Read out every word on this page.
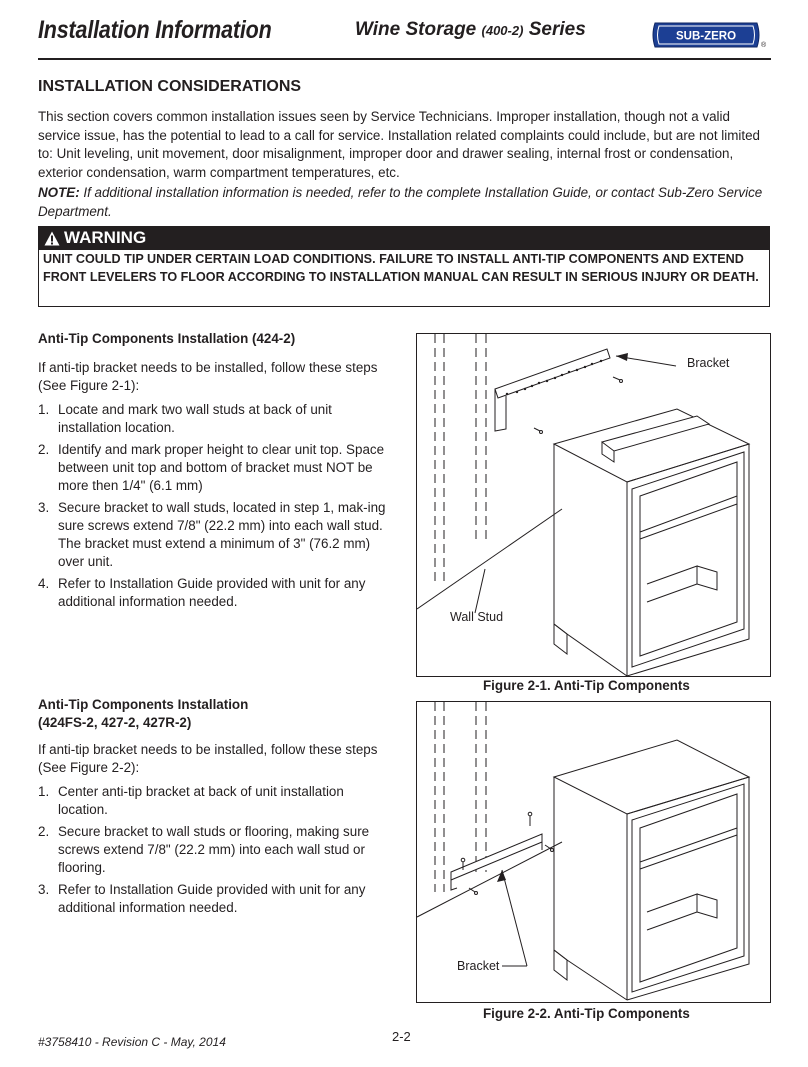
Installation Information	Wine Storage (400-2) Series	SUB-ZERO
®
INSTALLATION CONSIDERATIONS
This section covers common installation issues seen by Service Technicians. Improper installation, though not a valid service issue, has the potential to lead to a call for service. Installation related complaints could include, but are not limited to: Unit leveling, unit movement, door misalignment, improper door and drawer sealing, internal frost or condensation, exterior condensation, warm compartment temperatures, etc.
NOTE: If additional installation information is needed, refer to the complete Installation Guide, or contact Sub-Zero Service Department.
WARNING
UNIT COULD TIP UNDER CERTAIN LOAD CONDITIONS. FAILURE TO INSTALL ANTI-TIP COMPONENTS AND EXTEND FRONT LEVELERS TO FLOOR ACCORDING TO INSTALLATION MANUAL CAN RESULT IN SERIOUS INJURY OR DEATH.
Anti-Tip Components Installation (424-2)
If anti-tip bracket needs to be installed, follow these steps (See Figure 2-1):
1. Locate and mark two wall studs at back of unit installation location.
2. Identify and mark proper height to clear unit top. Space between unit top and bottom of bracket must NOT be more then 1/4" (6.1 mm)
3. Secure bracket to wall studs, located in step 1, mak-ing sure screws extend 7/8" (22.2 mm) into each wall stud. The bracket must extend a minimum of 3" (76.2 mm) over unit.
4. Refer to Installation Guide provided with unit for any additional information needed.
Anti-Tip Components Installation
(424FS-2, 427-2, 427R-2)
If anti-tip bracket needs to be installed, follow these steps (See Figure 2-2):
1. Center anti-tip bracket at back of unit installation location.
2. Secure bracket to wall studs or flooring, making sure screws extend 7/8" (22.2 mm) into each wall stud or flooring.
3. Refer to Installation Guide provided with unit for any additional information needed.
Bracket
Wall Stud
Figure 2-1. Anti-Tip Components
Bracket
Figure 2-2. Anti-Tip Components
#3758410 - Revision C - May, 2014	2-2
